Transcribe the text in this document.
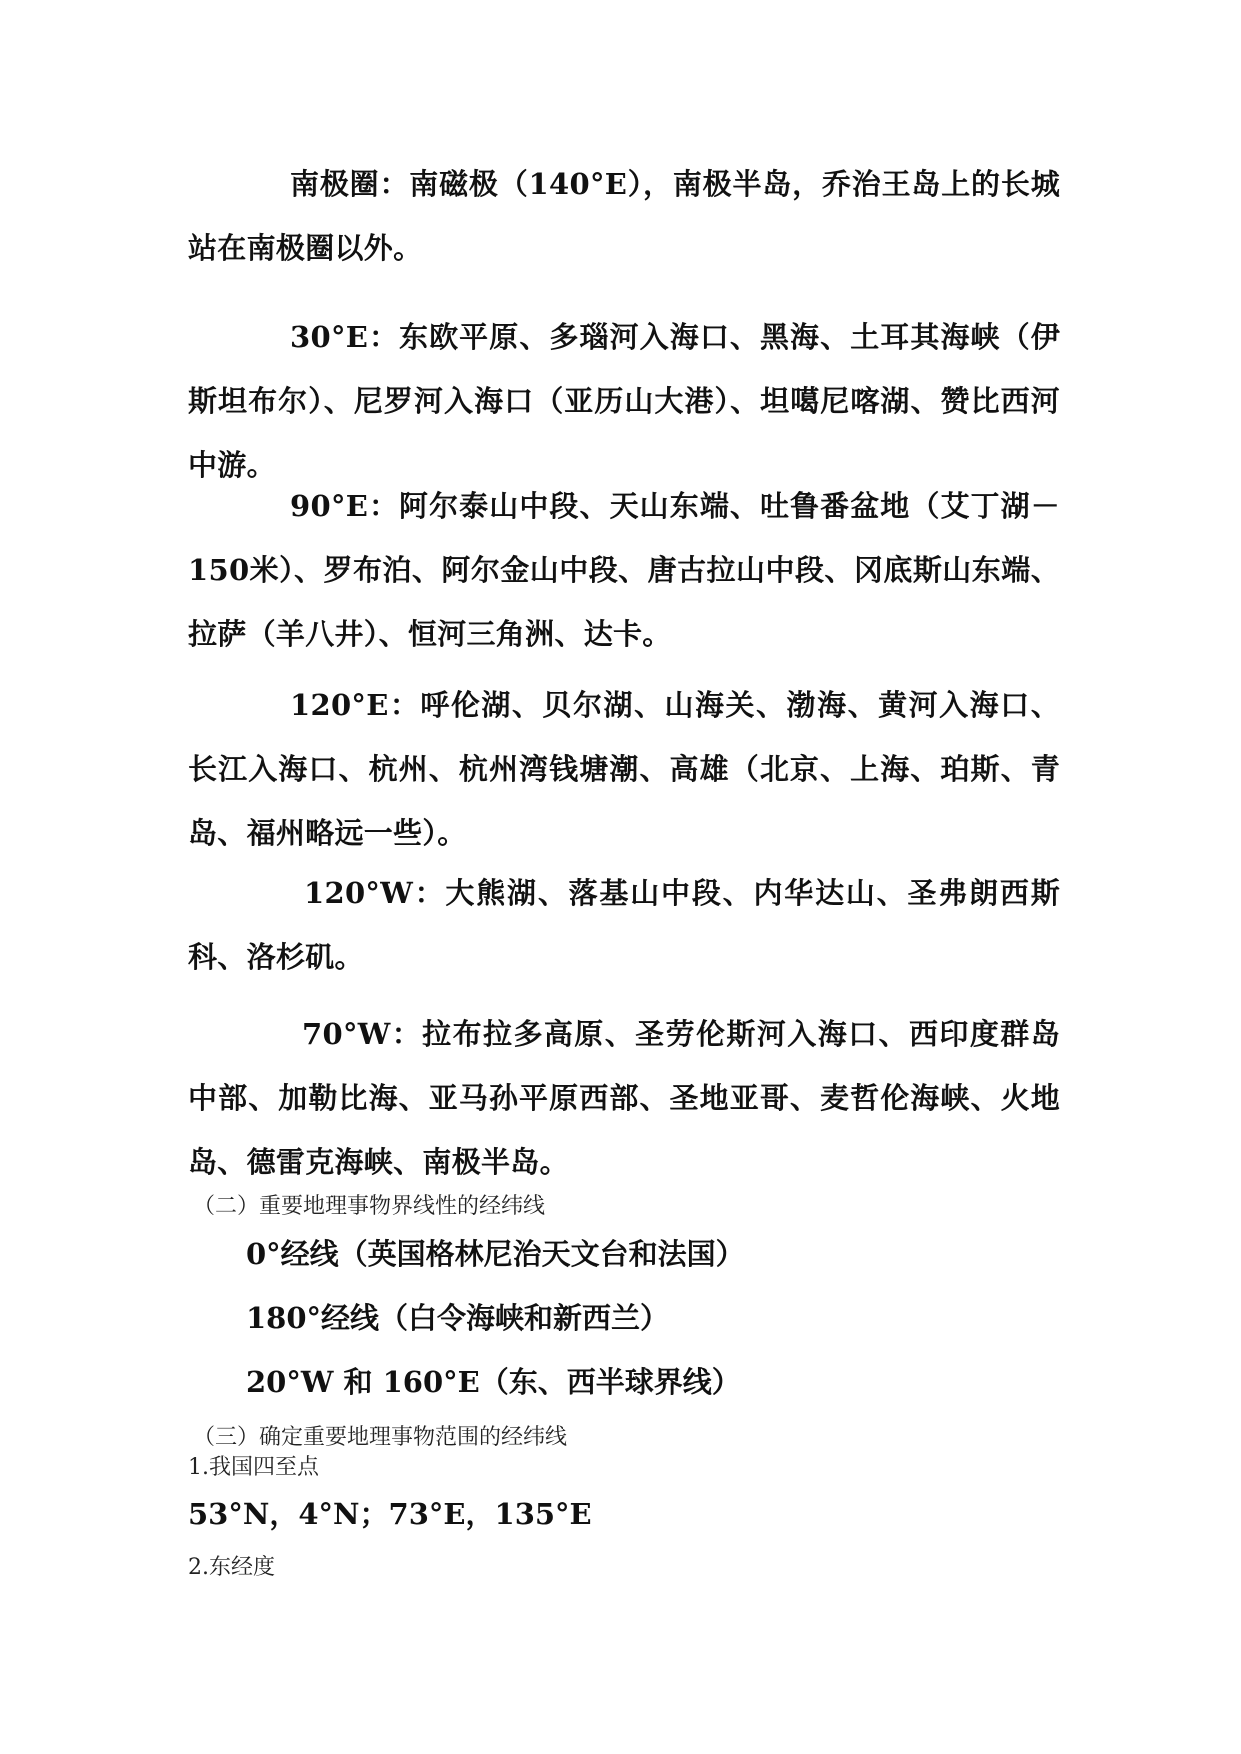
南极圈：南磁极（140°E），南极半岛，乔治王岛上的长城站在南极圈以外。

30°E：东欧平原、多瑙河入海口、黑海、土耳其海峡（伊斯坦布尔）、尼罗河入海口（亚历山大港）、坦噶尼喀湖、赞比西河中游。

90°E：阿尔泰山中段、天山东端、吐鲁番盆地（艾丁湖－150米）、罗布泊、阿尔金山中段、唐古拉山中段、冈底斯山东端、拉萨（羊八井）、恒河三角洲、达卡。

120°E：呼伦湖、贝尔湖、山海关、渤海、黄河入海口、长江入海口、杭州、杭州湾钱塘潮、高雄（北京、上海、珀斯、青岛、福州略远一些）。

120°W：大熊湖、落基山中段、内华达山、圣弗朗西斯科、洛杉矶。

70°W：拉布拉多高原、圣劳伦斯河入海口、西印度群岛中部、加勒比海、亚马孙平原西部、圣地亚哥、麦哲伦海峡、火地岛、德雷克海峡、南极半岛。

（二）重要地理事物界线性的经纬线
0°经线（英国格林尼治天文台和法国）
180°经线（白令海峡和新西兰）
20°W 和 160°E（东、西半球界线）
（三）确定重要地理事物范围的经纬线
1.我国四至点
53°N，4°N；73°E，135°E
2.东经度
